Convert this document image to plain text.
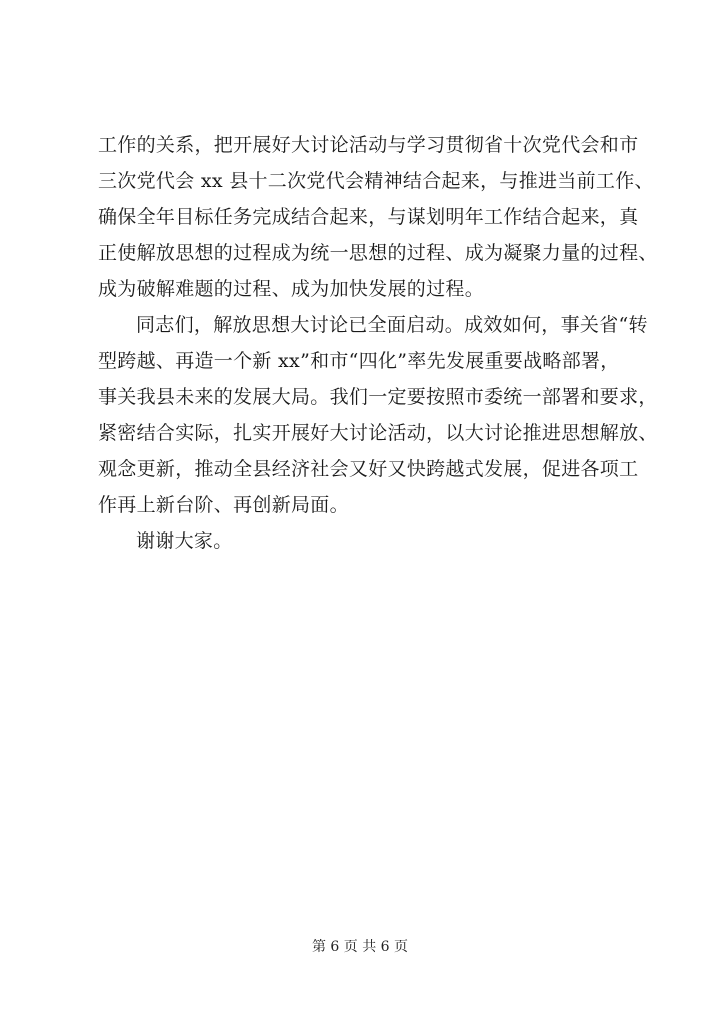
工作的关系，把开展好大讨论活动与学习贯彻省十次党代会和市
三次党代会 xx 县十二次党代会精神结合起来，与推进当前工作、
确保全年目标任务完成结合起来，与谋划明年工作结合起来，真
正使解放思想的过程成为统一思想的过程、成为凝聚力量的过程、
成为破解难题的过程、成为加快发展的过程。
同志们，解放思想大讨论已全面启动。成效如何，事关省“转
型跨越、再造一个新 xx”和市“四化”率先发展重要战略部署，
事关我县未来的发展大局。我们一定要按照市委统一部署和要求，
紧密结合实际，扎实开展好大讨论活动，以大讨论推进思想解放、
观念更新，推动全县经济社会又好又快跨越式发展，促进各项工
作再上新台阶、再创新局面。
谢谢大家。
第 6 页 共 6 页
